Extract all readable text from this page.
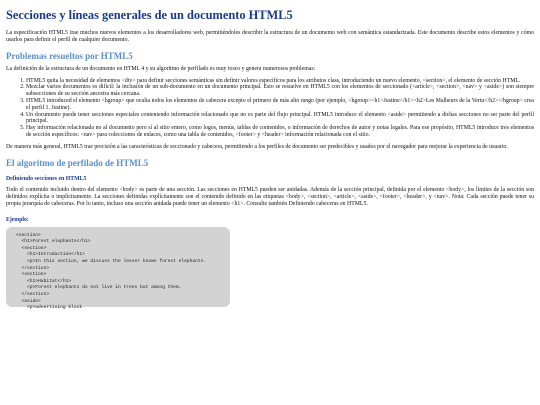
Secciones y líneas generales de un documento HTML5

La especificación HTML5 trae muchos nuevos elementos a los desarrolladores web, permitiéndoles describir la estructura de un documento web con semántica estandarizada. Este documento describe estos elementos y cómo usarlos para definir el perfil de cualquier documento.

Problemas resueltos por HTML5

La definición de la estructura de un documento en HTML 4 y su algoritmo de perfilado es muy tosco y genera numerosos problemas:

1. HTML5 quita la necesidad de elementos <div> para definir secciones semánticas sin definir valores específicos para los atributos class, introduciendo un nuevo elemento, <section>, el elemento de sección HTML.
2. Mezclar varios documentos es difícil: la inclusión de un sub-documento en un documento principal. Esto se resuelve en HTML5 con los elementos de seccionado (<article>, <section>, <nav> y <aside>) son siempre subsecciones de su sección ancestra más cercana.
3. HTML5 introduced el elemento <hgroup> que oculta todos los elementos de cabecera excepto el primero de más alto rango (por ejemplo, <hgroup><h1>Justine</h1><h2>Les Malheurs de la Vertu</h2></hgroup> crea el perfil 1. Justine).
4. Un documento puede tener secciones especiales conteniendo información relacionado que no es parte del flujo principal. HTML5 introduce el elemento <aside> permitiendo a dichas secciones no ser parte del perfil principal.
5. Hay información relacionada no al documento pero sí al sitio entero, como logos, menús, tablas de contenidos, o información de derechos de autor y notas legales. Para ese propósito, HTML5 introduce tres elementos de sección específicos: <nav> para colecciones de enlaces, como una tabla de contenidos, <footer> y <header> información relacionada con el sitio.

De manera más general, HTML5 trae precisión a las características de seccionado y cabecera, permitiendo a los perfiles de documento ser predecibles y usados por el navegador para mejorar la experiencia de usuario.

El algoritmo de perfilado de HTML5
Definiendo secciones en HTML5

Todo el contenido incluido dentro del elemento <body> es parte de una sección. Las secciones en HTML5 pueden ser anidadas. Además de la sección principal, definida por el elemento <body>, los límites de la sección son definidos explícita o implícitamente. La secciones definidas explícitamente son el contenido definido en las etiquetas <body>, <section>, <article>, <aside>, <footer>, <header>, y <nav>. Nota: Cada sección puede tener su propia jerarquía de cabeceras. Por lo tanto, incluso una sección anidada puede tener un elemento <h1>. Consulte también Definiendo cabeceras en HTML5.

Ejemplo:
<section>
<h1>Forest elephants</h1>
<section>
<h1>Introduction</h1>
<p>In this section, we discuss the lesser known forest elephants.
</section>
<section>
<h1>Habitat</h1>
<p>Forest elephants do not live in trees but among them.
</section>
<aside>
<p>advertising block
